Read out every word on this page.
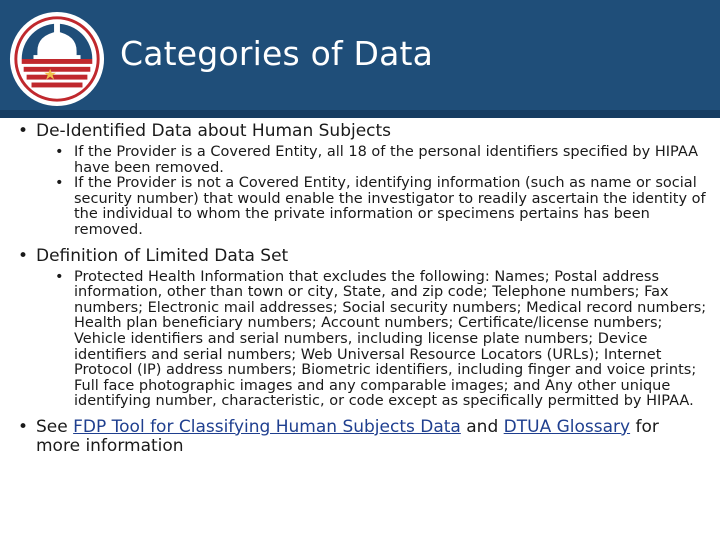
Categories of Data
• De-Identified Data about Human Subjects
• If the Provider is a Covered Entity, all 18 of the personal identifiers specified by HIPAA have been removed.
• If the Provider is not a Covered Entity, identifying information (such as name or social security number) that would enable the investigator to readily ascertain the identity of the individual to whom the private information or specimens pertains has been removed.
• Definition of Limited Data Set
• Protected Health Information that excludes the following: Names; Postal address information, other than town or city, State, and zip code; Telephone numbers; Fax numbers; Electronic mail addresses; Social security numbers; Medical record numbers; Health plan beneficiary numbers; Account numbers; Certificate/license numbers; Vehicle identifiers and serial numbers, including license plate numbers; Device identifiers and serial numbers; Web Universal Resource Locators (URLs); Internet Protocol (IP) address numbers; Biometric identifiers, including finger and voice prints; Full face photographic images and any comparable images; and Any other unique identifying number, characteristic, or code except as specifically permitted by HIPAA.
• See FDP Tool for Classifying Human Subjects Data and DTUA Glossary for more information
